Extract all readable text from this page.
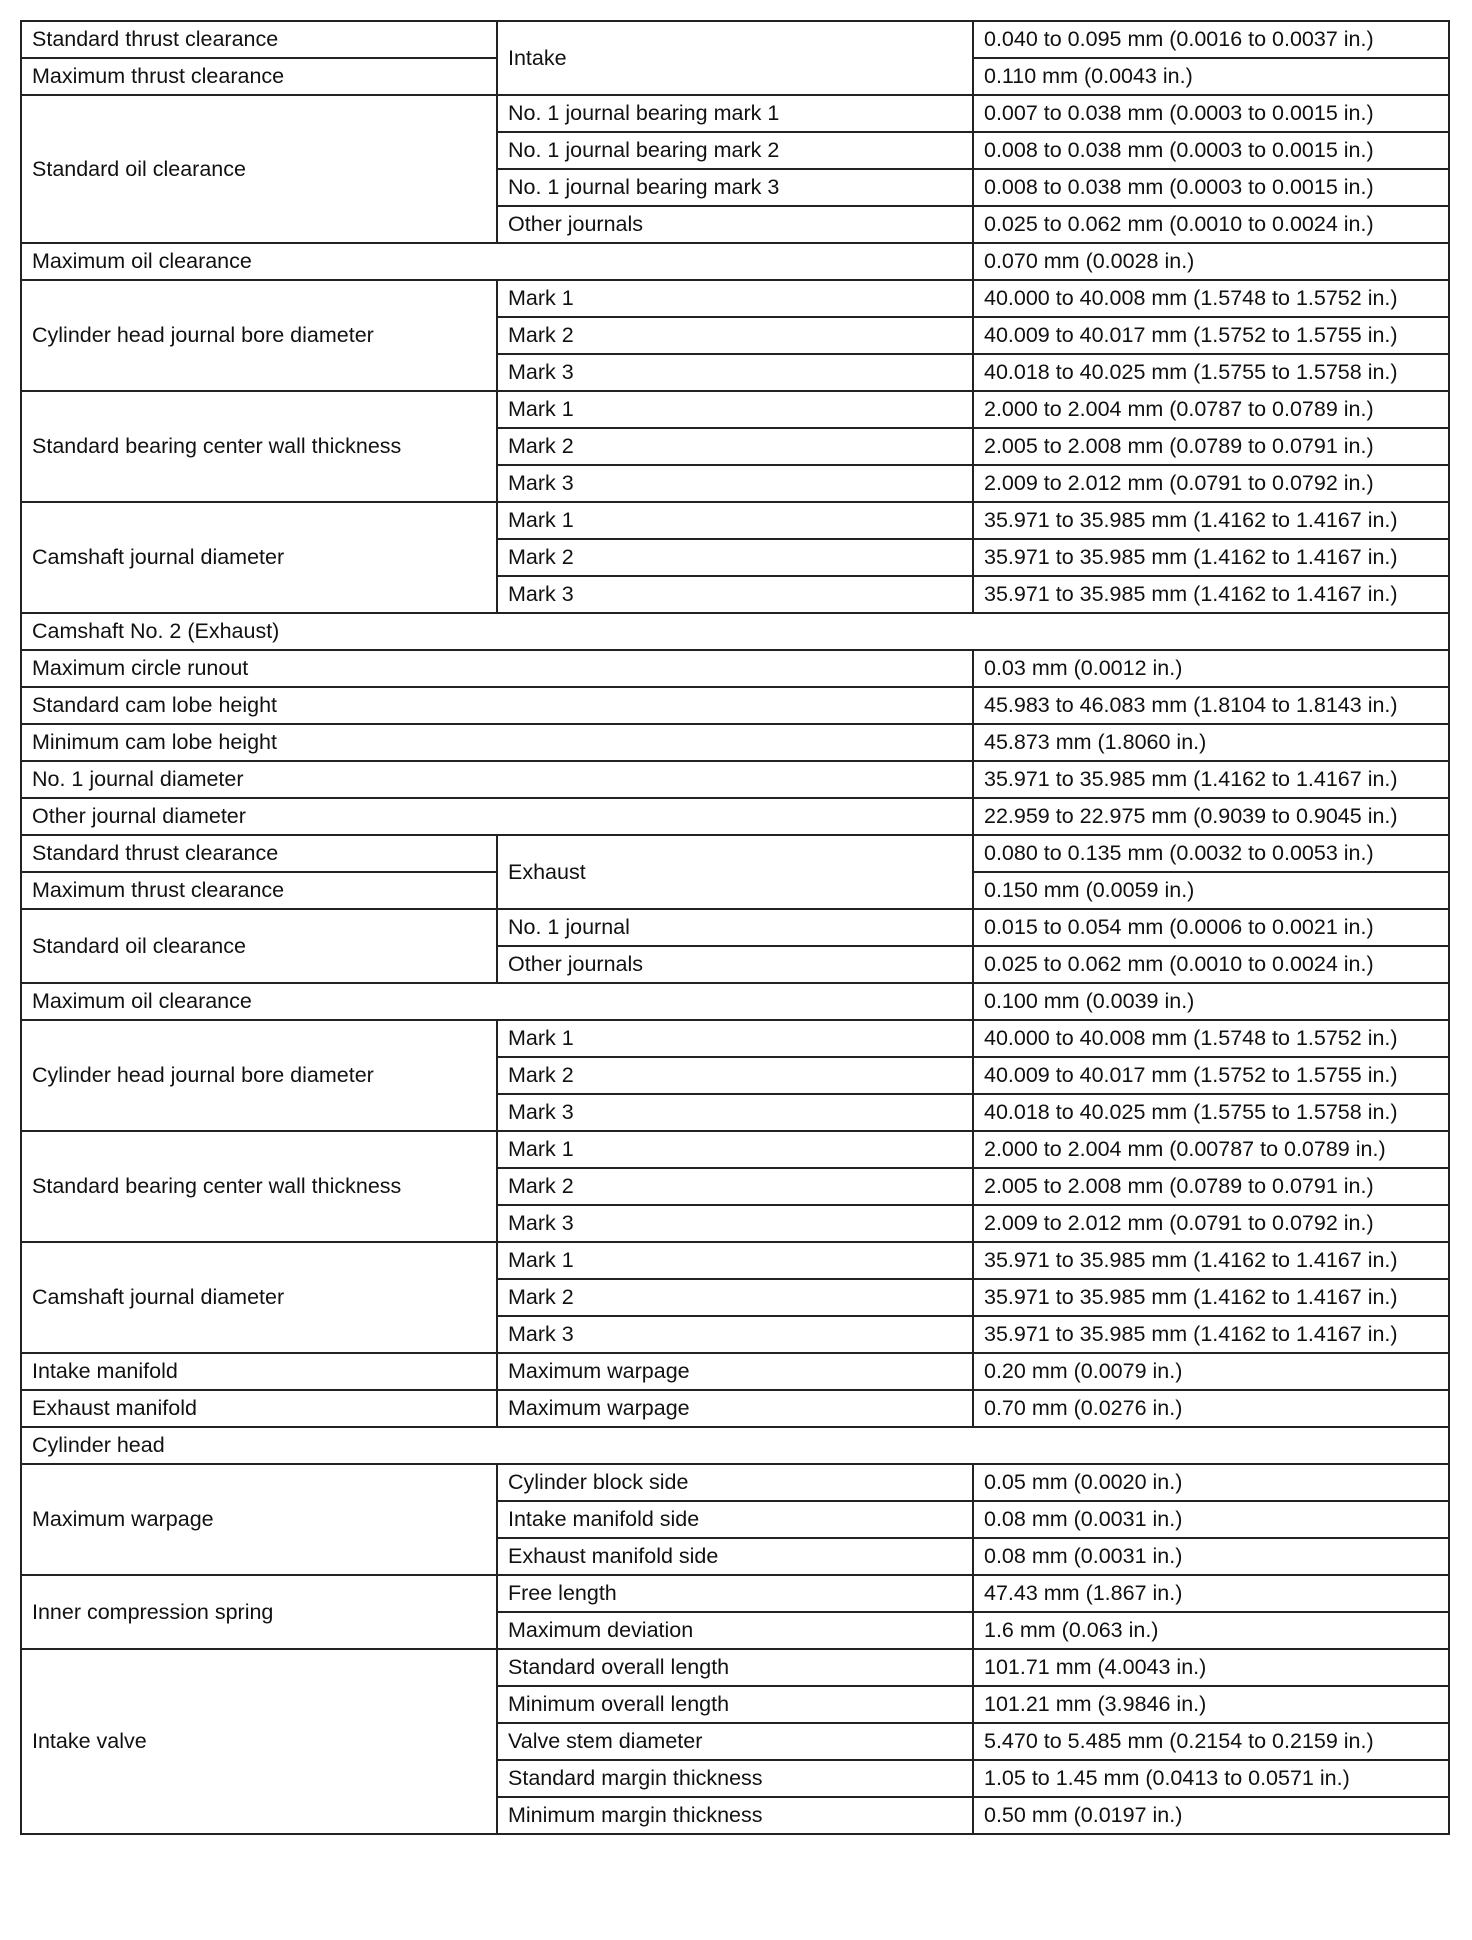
Standard thrust clearance	Intake	0.040 to 0.095 mm (0.0016 to 0.0037 in.)
Maximum thrust clearance		0.110 mm (0.0043 in.)
Standard oil clearance	No. 1 journal bearing mark 1	0.007 to 0.038 mm (0.0003 to 0.0015 in.)
	No. 1 journal bearing mark 2	0.008 to 0.038 mm (0.0003 to 0.0015 in.)
	No. 1 journal bearing mark 3	0.008 to 0.038 mm (0.0003 to 0.0015 in.)
	Other journals	0.025 to 0.062 mm (0.0010 to 0.0024 in.)
Maximum oil clearance		0.070 mm (0.0028 in.)
Cylinder head journal bore diameter	Mark 1	40.000 to 40.008 mm (1.5748 to 1.5752 in.)
	Mark 2	40.009 to 40.017 mm (1.5752 to 1.5755 in.)
	Mark 3	40.018 to 40.025 mm (1.5755 to 1.5758 in.)
Standard bearing center wall thickness	Mark 1	2.000 to 2.004 mm (0.0787 to 0.0789 in.)
	Mark 2	2.005 to 2.008 mm (0.0789 to 0.0791 in.)
	Mark 3	2.009 to 2.012 mm (0.0791 to 0.0792 in.)
Camshaft journal diameter	Mark 1	35.971 to 35.985 mm (1.4162 to 1.4167 in.)
	Mark 2	35.971 to 35.985 mm (1.4162 to 1.4167 in.)
	Mark 3	35.971 to 35.985 mm (1.4162 to 1.4167 in.)
Camshaft No. 2 (Exhaust)		
Maximum circle runout		0.03 mm (0.0012 in.)
Standard cam lobe height		45.983 to 46.083 mm (1.8104 to 1.8143 in.)
Minimum cam lobe height		45.873 mm (1.8060 in.)
No. 1 journal diameter		35.971 to 35.985 mm (1.4162 to 1.4167 in.)
Other journal diameter		22.959 to 22.975 mm (0.9039 to 0.9045 in.)
Standard thrust clearance	Exhaust	0.080 to 0.135 mm (0.0032 to 0.0053 in.)
Maximum thrust clearance		0.150 mm (0.0059 in.)
Standard oil clearance	No. 1 journal	0.015 to 0.054 mm (0.0006 to 0.0021 in.)
	Other journals	0.025 to 0.062 mm (0.0010 to 0.0024 in.)
Maximum oil clearance		0.100 mm (0.0039 in.)
Cylinder head journal bore diameter	Mark 1	40.000 to 40.008 mm (1.5748 to 1.5752 in.)
	Mark 2	40.009 to 40.017 mm (1.5752 to 1.5755 in.)
	Mark 3	40.018 to 40.025 mm (1.5755 to 1.5758 in.)
Standard bearing center wall thickness	Mark 1	2.000 to 2.004 mm (0.00787 to 0.0789 in.)
	Mark 2	2.005 to 2.008 mm (0.0789 to 0.0791 in.)
	Mark 3	2.009 to 2.012 mm (0.0791 to 0.0792 in.)
Camshaft journal diameter	Mark 1	35.971 to 35.985 mm (1.4162 to 1.4167 in.)
	Mark 2	35.971 to 35.985 mm (1.4162 to 1.4167 in.)
	Mark 3	35.971 to 35.985 mm (1.4162 to 1.4167 in.)
Intake manifold	Maximum warpage	0.20 mm (0.0079 in.)
Exhaust manifold	Maximum warpage	0.70 mm (0.0276 in.)
Cylinder head		
Maximum warpage	Cylinder block side	0.05 mm (0.0020 in.)
	Intake manifold side	0.08 mm (0.0031 in.)
	Exhaust manifold side	0.08 mm (0.0031 in.)
Inner compression spring	Free length	47.43 mm (1.867 in.)
	Maximum deviation	1.6 mm (0.063 in.)
Intake valve	Standard overall length	101.71 mm (4.0043 in.)
	Minimum overall length	101.21 mm (3.9846 in.)
	Valve stem diameter	5.470 to 5.485 mm (0.2154 to 0.2159 in.)
	Standard margin thickness	1.05 to 1.45 mm (0.0413 to 0.0571 in.)
	Minimum margin thickness	0.50 mm (0.0197 in.)
